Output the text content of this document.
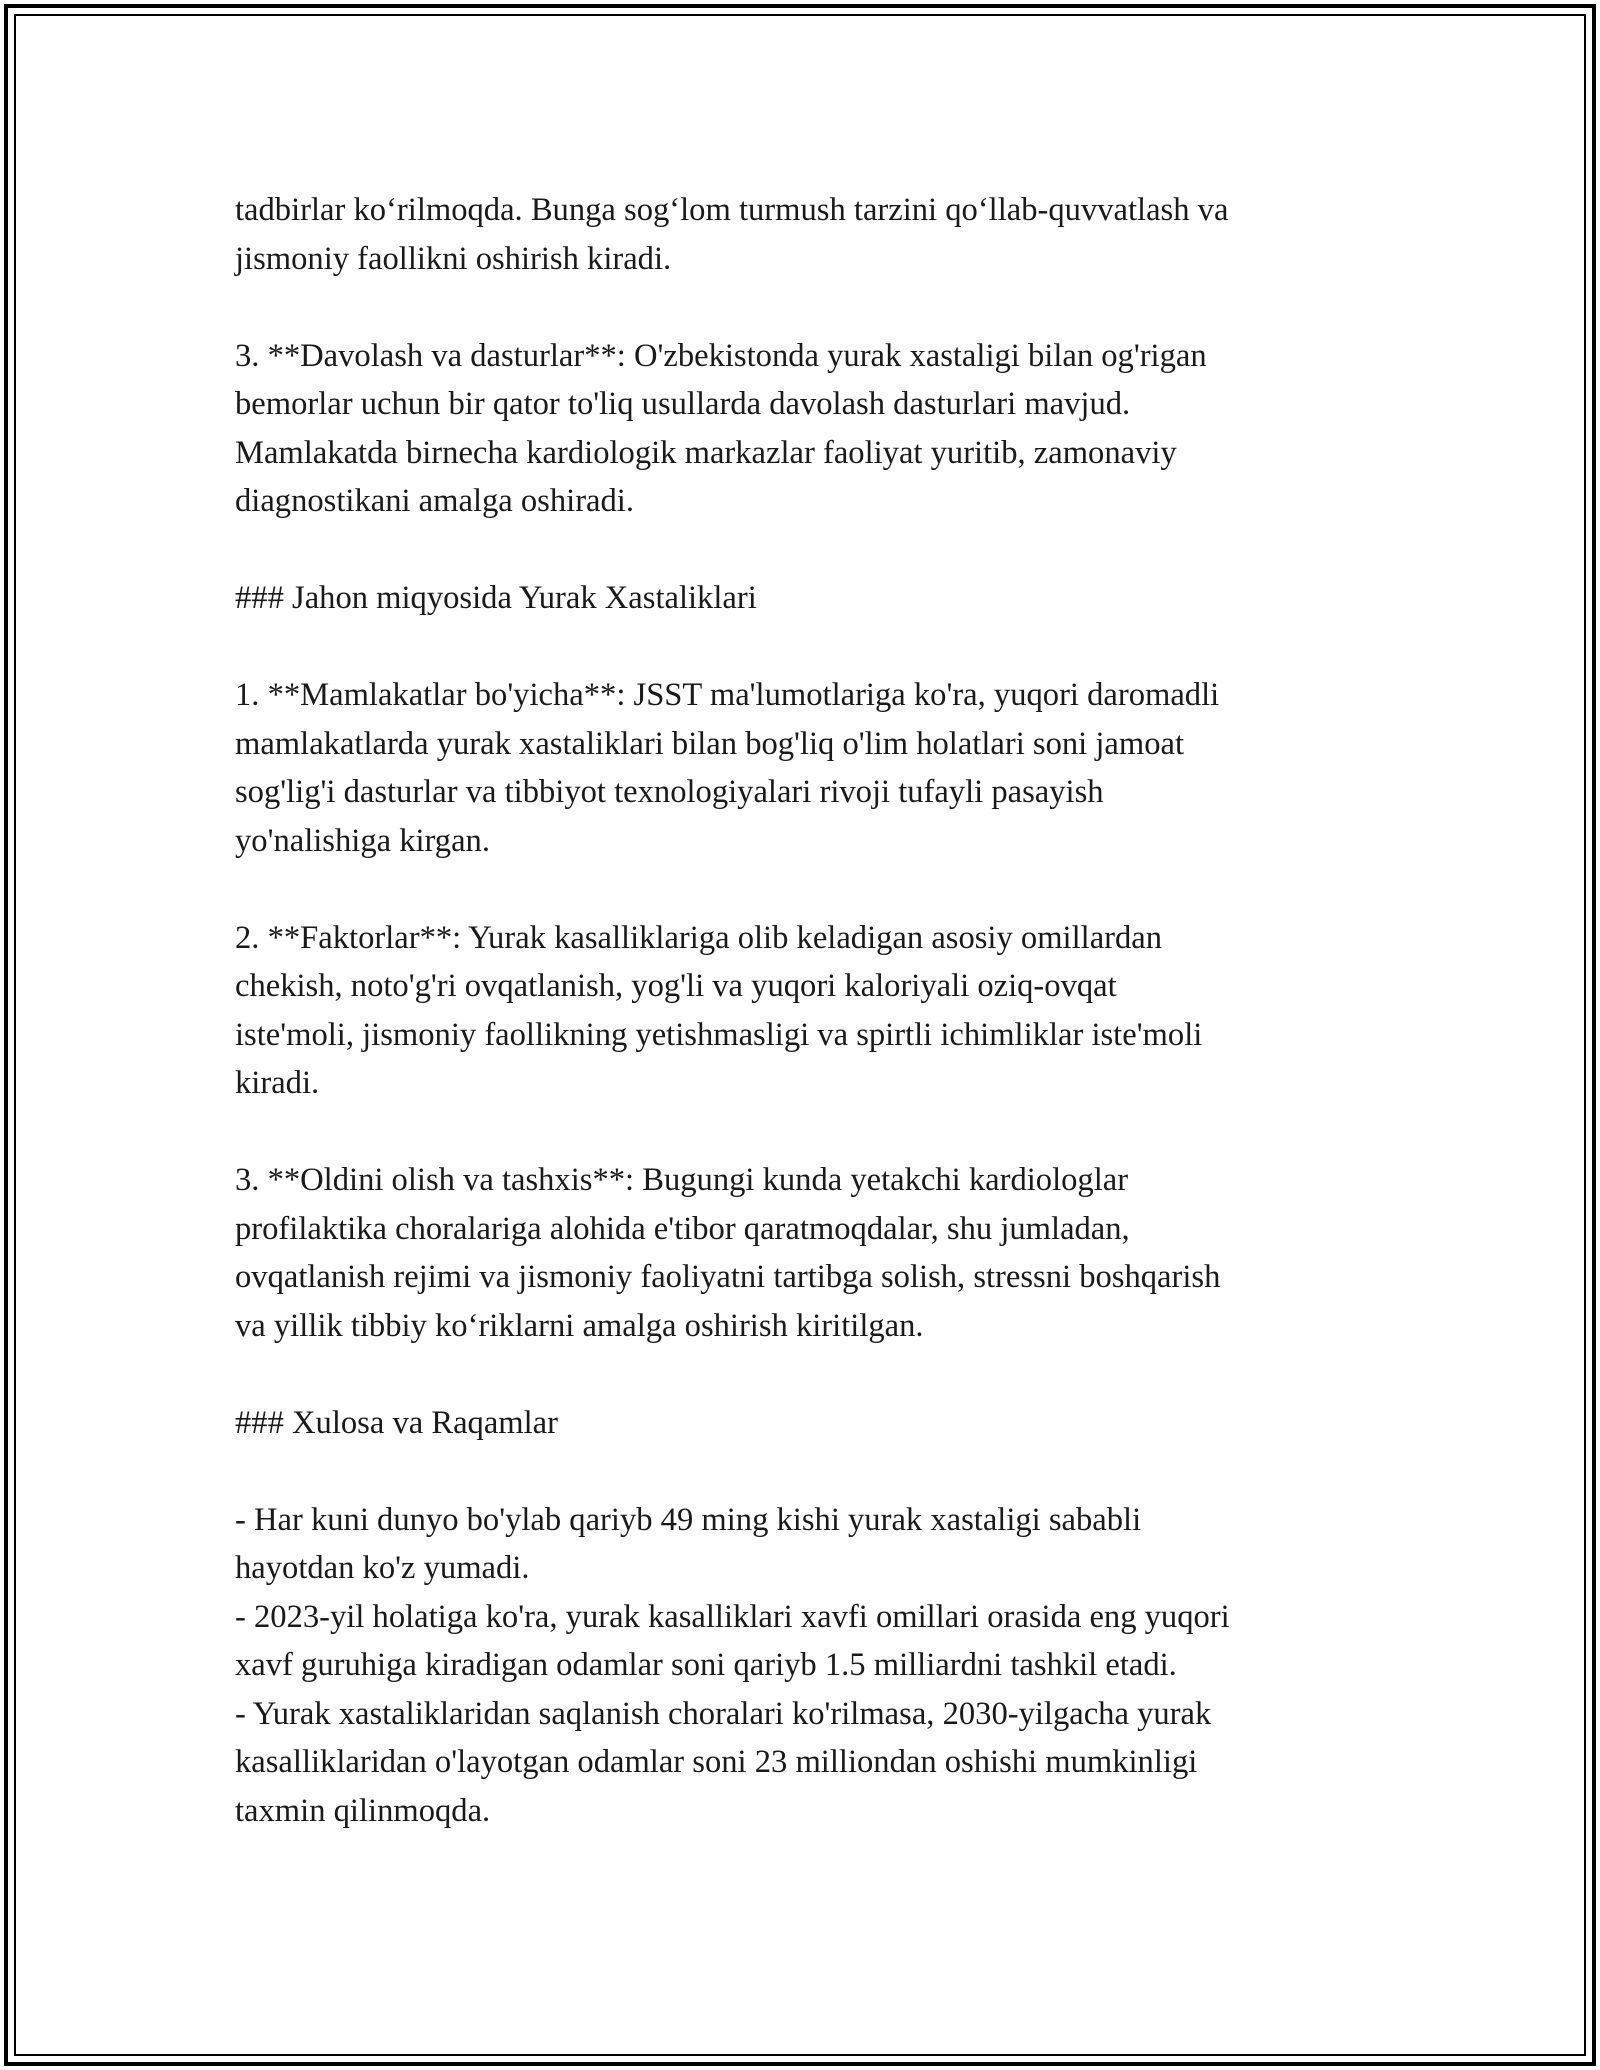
tadbirlar ko‘rilmoqda. Bunga sog‘lom turmush tarzini qo‘llab-quvvatlash va
jismoniy faollikni oshirish kiradi.
3. **Davolash va dasturlar**: O'zbekistonda yurak xastaligi bilan og'rigan
bemorlar uchun bir qator to'liq usullarda davolash dasturlari mavjud.
Mamlakatda birnecha kardiologik markazlar faoliyat yuritib, zamonaviy
diagnostikani amalga oshiradi.
### Jahon miqyosida Yurak Xastaliklari
1. **Mamlakatlar bo'yicha**: JSST ma'lumotlariga ko'ra, yuqori daromadli
mamlakatlarda yurak xastaliklari bilan bog'liq o'lim holatlari soni jamoat
sog'lig'i dasturlar va tibbiyot texnologiyalari rivoji tufayli pasayish
yo'nalishiga kirgan.
2. **Faktorlar**: Yurak kasalliklariga olib keladigan asosiy omillardan
chekish, noto'g'ri ovqatlanish, yog'li va yuqori kaloriyali oziq-ovqat
iste'moli, jismoniy faollikning yetishmasligi va spirtli ichimliklar iste'moli
kiradi.
3. **Oldini olish va tashxis**: Bugungi kunda yetakchi kardiologlar
profilaktika choralariga alohida e'tibor qaratmoqdalar, shu jumladan,
ovqatlanish rejimi va jismoniy faoliyatni tartibga solish, stressni boshqarish
va yillik tibbiy ko‘riklarni amalga oshirish kiritilgan.
### Xulosa va Raqamlar
- Har kuni dunyo bo'ylab qariyb 49 ming kishi yurak xastaligi sababli
hayotdan ko'z yumadi.
- 2023-yil holatiga ko'ra, yurak kasalliklari xavfi omillari orasida eng yuqori
xavf guruhiga kiradigan odamlar soni qariyb 1.5 milliardni tashkil etadi.
- Yurak xastaliklaridan saqlanish choralari ko'rilmasa, 2030-yilgacha yurak
kasalliklaridan o'layotgan odamlar soni 23 milliondan oshishi mumkinligi
taxmin qilinmoqda.
